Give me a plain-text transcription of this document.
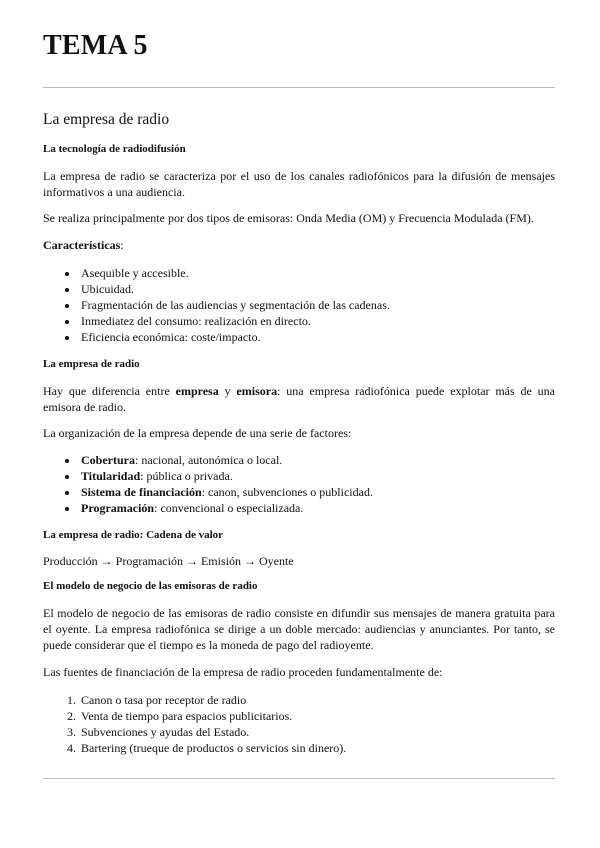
TEMA 5
La empresa de radio
La tecnología de radiodifusión

La empresa de radio se caracteriza por el uso de los canales radiofónicos para la difusión de mensajes informativos a una audiencia.

Se realiza principalmente por dos tipos de emisoras: Onda Media (OM) y Frecuencia Modulada (FM).

Características:

• Asequible y accesible.
• Ubicuidad.
• Fragmentación de las audiencias y segmentación de las cadenas.
• Inmediatez del consumo: realización en directo.
• Eficiencia económica: coste/impacto.
La empresa de radio

Hay que diferencia entre empresa y emisora: una empresa radiofónica puede explotar más de una emisora de radio.

La organización de la empresa depende de una serie de factores:

• Cobertura: nacional, autonómica o local.
• Titularidad: pública o privada.
• Sistema de financiación: canon, subvenciones o publicidad.
• Programación: convencional o especializada.
La empresa de radio: Cadena de valor

Producción → Programación → Emisión → Oyente

El modelo de negocio de las emisoras de radio

El modelo de negocio de las emisoras de radio consiste en difundir sus mensajes de manera gratuita para el oyente. La empresa radiofónica se dirige a un doble mercado: audiencias y anunciantes. Por tanto, se puede considerar que el tiempo es la moneda de pago del radioyente.

Las fuentes de financiación de la empresa de radio proceden fundamentalmente de:

1. Canon o tasa por receptor de radio
2. Venta de tiempo para espacios publicitarios.
3. Subvenciones y ayudas del Estado.
4. Bartering (trueque de productos o servicios sin dinero).
